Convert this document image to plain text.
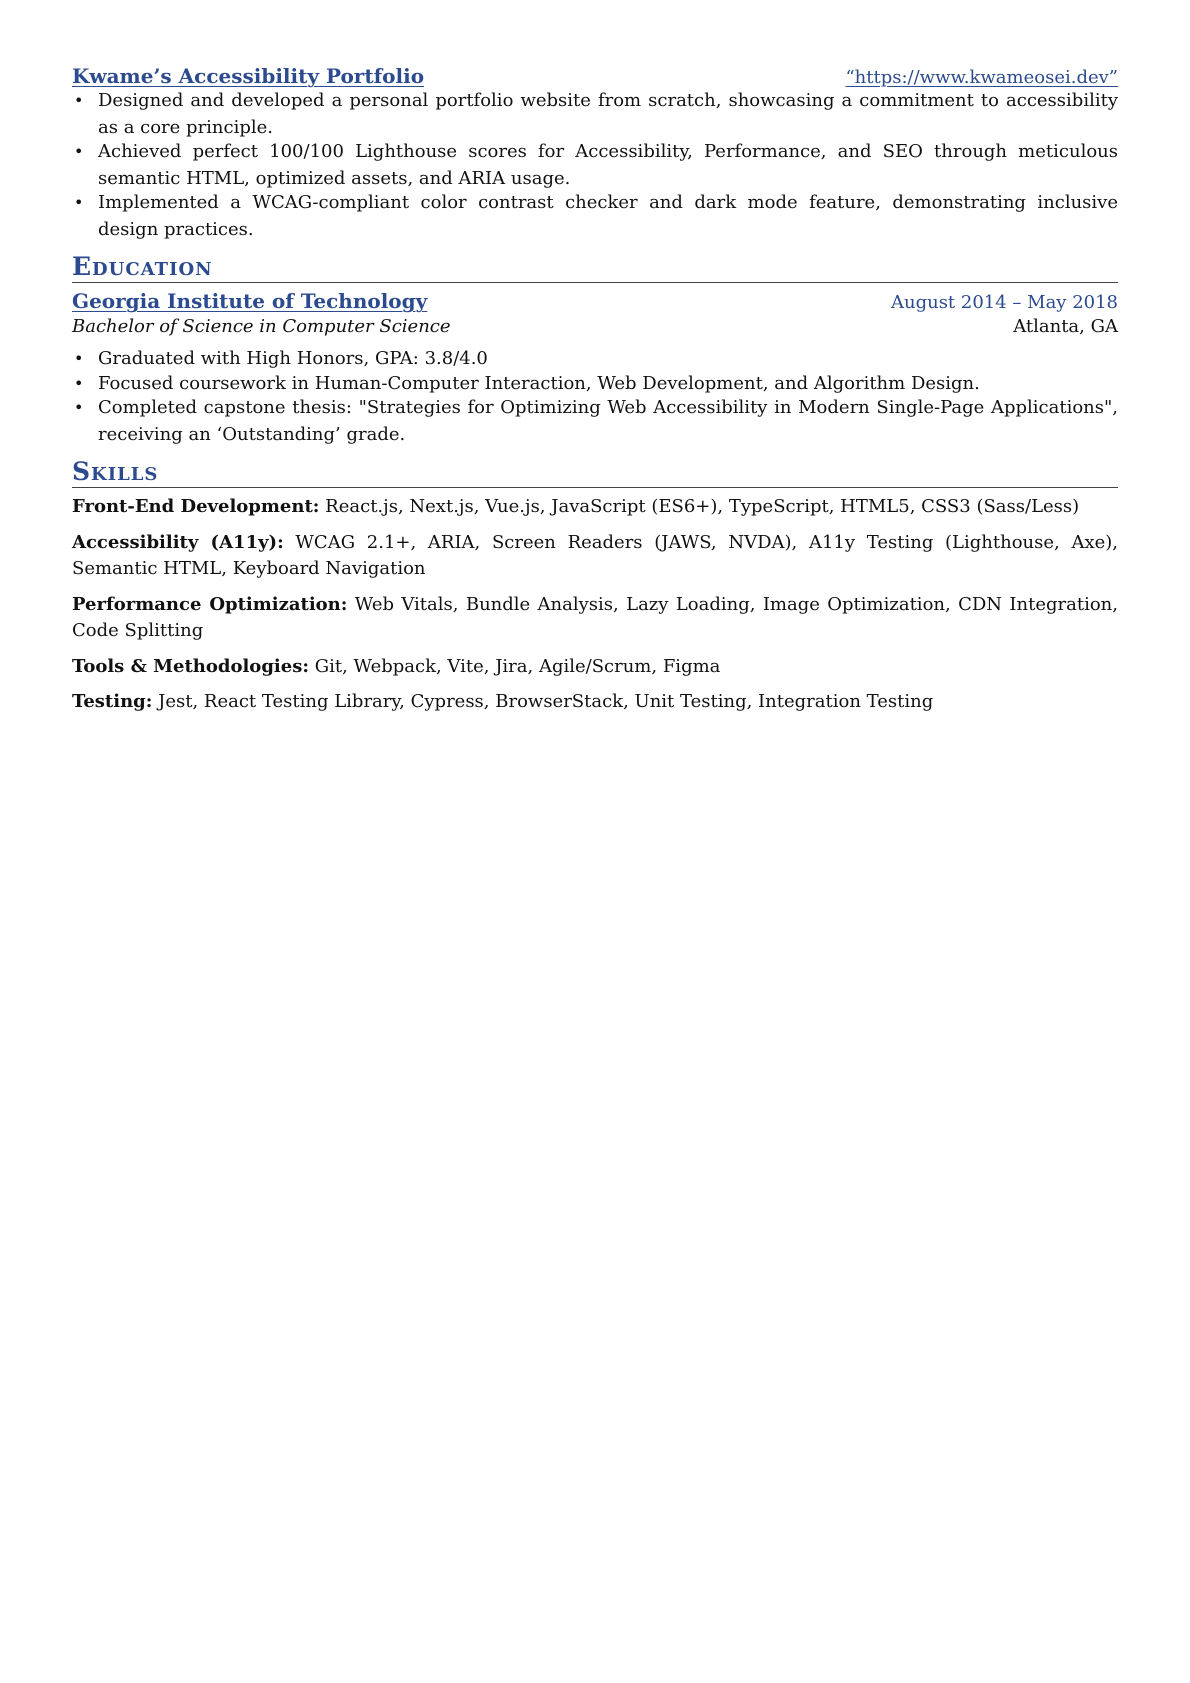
Kwame’s Accessibility Portfolio	“https://www.kwameosei.dev”
• Designed and developed a personal portfolio website from scratch, showcasing a commitment to accessibility as a core principle.
• Achieved perfect 100/100 Lighthouse scores for Accessibility, Performance, and SEO through meticulous semantic HTML, optimized assets, and ARIA usage.
• Implemented a WCAG-compliant color contrast checker and dark mode feature, demonstrating inclusive design practices.
Education
Georgia Institute of Technology	August 2014 – May 2018
Bachelor of Science in Computer Science	Atlanta, GA
• Graduated with High Honors, GPA: 3.8/4.0
• Focused coursework in Human-Computer Interaction, Web Development, and Algorithm Design.
• Completed capstone thesis: "Strategies for Optimizing Web Accessibility in Modern Single-Page Applications", receiving an ‘Outstanding’ grade.
Skills
Front-End Development: React.js, Next.js, Vue.js, JavaScript (ES6+), TypeScript, HTML5, CSS3 (Sass/Less)
Accessibility (A11y): WCAG 2.1+, ARIA, Screen Readers (JAWS, NVDA), A11y Testing (Lighthouse, Axe), Semantic HTML, Keyboard Navigation
Performance Optimization: Web Vitals, Bundle Analysis, Lazy Loading, Image Optimization, CDN Integration, Code Splitting
Tools & Methodologies: Git, Webpack, Vite, Jira, Agile/Scrum, Figma
Testing: Jest, React Testing Library, Cypress, BrowserStack, Unit Testing, Integration Testing
